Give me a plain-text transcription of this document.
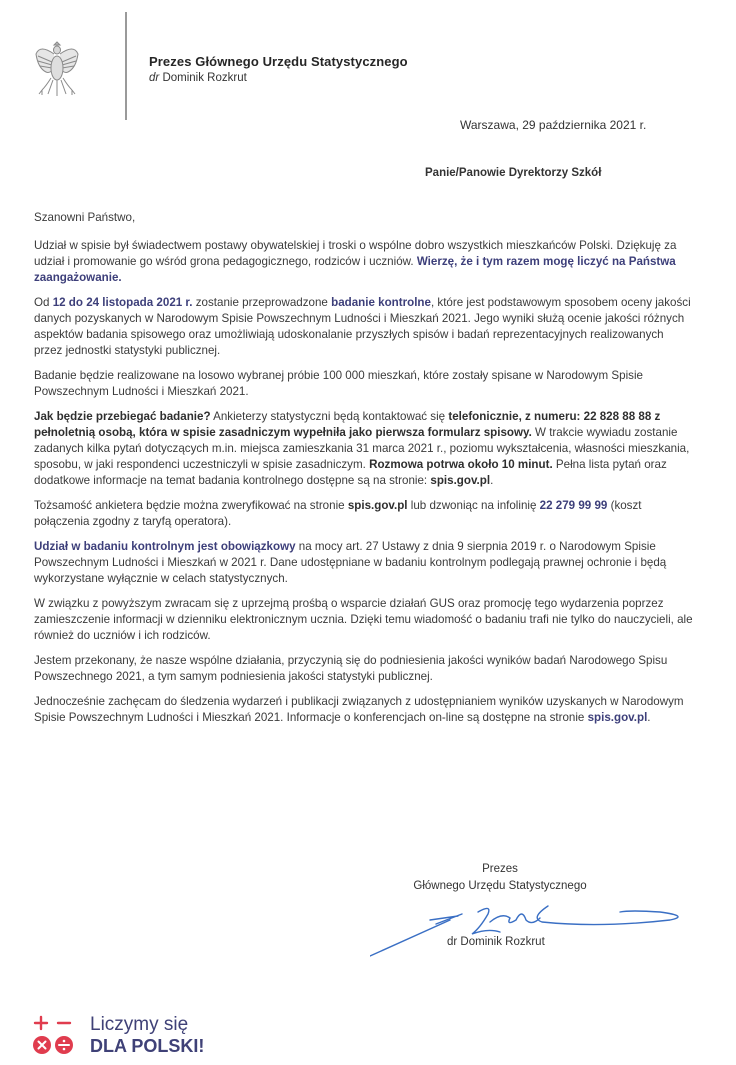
Prezes Głównego Urzędu Statystycznego
dr Dominik Rozkrut
Warszawa, 29 października 2021 r.
Panie/Panowie Dyrektorzy Szkół

Szanowni Państwo,

Udział w spisie był świadectwem postawy obywatelskiej i troski o wspólne dobro wszystkich mieszkańców Polski. Dziękuję za udział i promowanie go wśród grona pedagogicznego, rodziców i uczniów. Wierzę, że i tym razem mogę liczyć na Państwa zaangażowanie.

Od 12 do 24 listopada 2021 r. zostanie przeprowadzone badanie kontrolne, które jest podstawowym sposobem oceny jakości danych pozyskanych w Narodowym Spisie Powszechnym Ludności i Mieszkań 2021. Jego wyniki służą ocenie jakości różnych aspektów badania spisowego oraz umożliwiają udoskonalanie przyszłych spisów i badań reprezentacyjnych realizowanych przez jednostki statystyki publicznej.

Badanie będzie realizowane na losowo wybranej próbie 100 000 mieszkań, które zostały spisane w Narodowym Spisie Powszechnym Ludności i Mieszkań 2021.

Jak będzie przebiegać badanie? Ankieterzy statystyczni będą kontaktować się telefonicznie, z numeru: 22 828 88 88 z pełnoletnią osobą, która w spisie zasadniczym wypełniła jako pierwsza formularz spisowy. W trakcie wywiadu zostanie zadanych kilka pytań dotyczących m.in. miejsca zamieszkania 31 marca 2021 r., poziomu wykształcenia, własności mieszkania, sposobu, w jaki respondenci uczestniczyli w spisie zasadniczym. Rozmowa potrwa około 10 minut. Pełna lista pytań oraz dodatkowe informacje na temat badania kontrolnego dostępne są na stronie: spis.gov.pl.

Tożsamość ankietera będzie można zweryfikować na stronie spis.gov.pl lub dzwoniąc na infolinię 22 279 99 99 (koszt połączenia zgodny z taryfą operatora).

Udział w badaniu kontrolnym jest obowiązkowy na mocy art. 27 Ustawy z dnia 9 sierpnia 2019 r. o Narodowym Spisie Powszechnym Ludności i Mieszkań w 2021 r. Dane udostępniane w badaniu kontrolnym podlegają prawnej ochronie i będą wykorzystane wyłącznie w celach statystycznych.

W związku z powyższym zwracam się z uprzejmą prośbą o wsparcie działań GUS oraz promocję tego wydarzenia poprzez zamieszczenie informacji w dzienniku elektronicznym ucznia. Dzięki temu wiadomość o badaniu trafi nie tylko do nauczycieli, ale również do uczniów i ich rodziców.

Jestem przekonany, że nasze wspólne działania, przyczynią się do podniesienia jakości wyników badań Narodowego Spisu Powszechnego 2021, a tym samym podniesienia jakości statystyki publicznej.

Jednocześnie zachęcam do śledzenia wydarzeń i publikacji związanych z udostępnianiem wyników uzyskanych w Narodowym Spisie Powszechnym Ludności i Mieszkań 2021. Informacje o konferencjach on-line są dostępne na stronie spis.gov.pl.

Prezes
Głównego Urzędu Statystycznego
dr Dominik Rozkrut
Liczymy się
DLA POLSKI!
